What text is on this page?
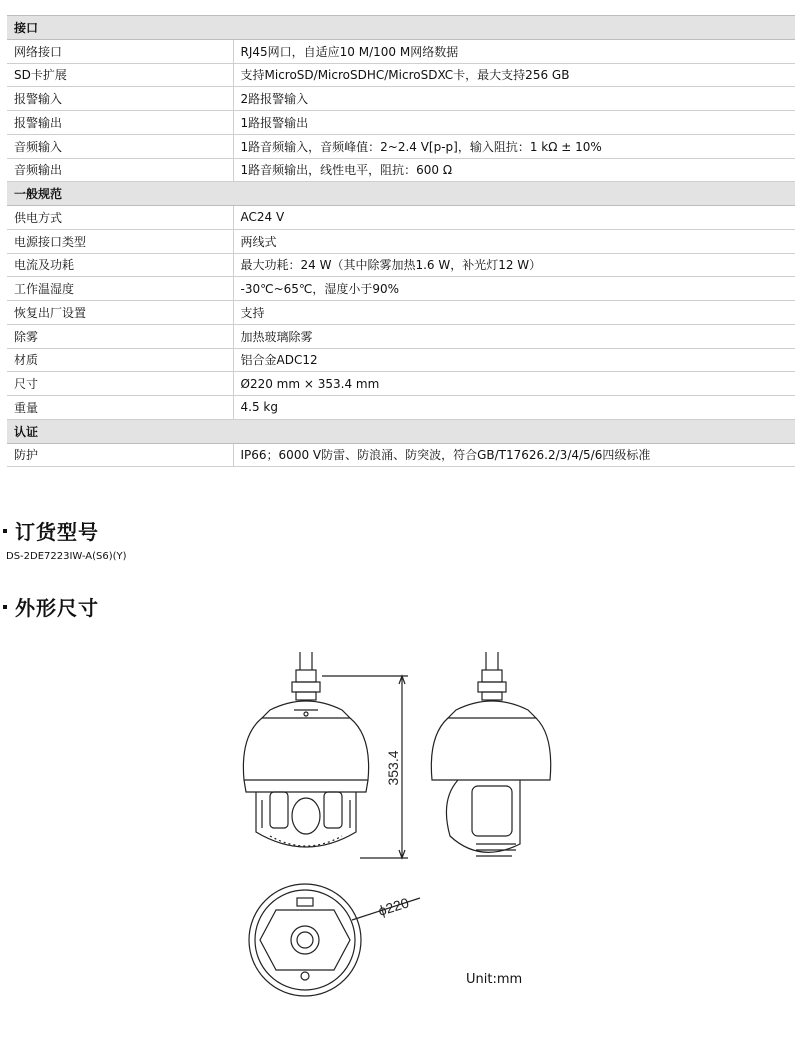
接口	
网络接口	RJ45网口，自适应10 M/100 M网络数据
SD卡扩展	支持MicroSD/MicroSDHC/MicroSDXC卡，最大支持256 GB
报警输入	2路报警输入
报警输出	1路报警输出
音频输入	1路音频输入，音频峰值：2~2.4 V[p-p]，输入阻抗：1 kΩ ± 10%
音频输出	1路音频输出，线性电平，阻抗：600 Ω
一般规范	
供电方式	AC24 V
电源接口类型	两线式
电流及功耗	最大功耗：24 W（其中除雾加热1.6 W，补光灯12 W）
工作温湿度	-30℃~65℃，湿度小于90%
恢复出厂设置	支持
除雾	加热玻璃除雾
材质	铝合金ADC12
尺寸	Ø220 mm × 353.4 mm
重量	4.5 kg
认证	
防护	IP66；6000 V防雷、防浪涌、防突波，符合GB/T17626.2/3/4/5/6四级标准
订货型号
DS-2DE7223IW-A(S6)(Y)
外形尺寸
353.4
ϕ220
Unit:mm
